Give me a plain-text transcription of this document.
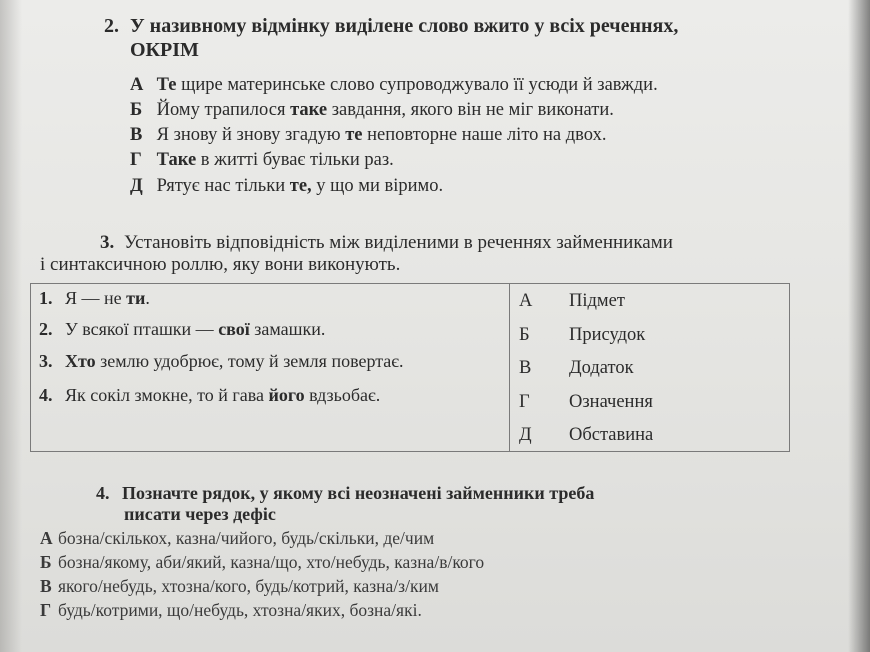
2. У називному відмінку виділене слово вжито у всіх реченнях,
ОКРІМ
А Те щире материнське слово супроводжувало її усюди й завжди.
Б Йому трапилося таке завдання, якого він не міг виконати.
В Я знову й знову згадую те неповторне наше літо на двох.
Г Таке в житті буває тільки раз.
Д Рятує нас тільки те, у що ми віримо.
3. Установіть відповідність між виділеними в реченнях займенниками
і синтаксичною роллю, яку вони виконують.
1. Я — не ти.
2. У всякої пташки — свої замашки.
3. Хто землю удобрює, тому й земля повертає.
4. Як сокіл змокне, то й гава його вдзьобає.
А Підмет
Б Присудок
В Додаток
Г Означення
Д Обставина
4. Позначте рядок, у якому всі неозначені займенники треба
писати через дефіс
А бозна/скількох, казна/чийого, будь/скільки, де/чим
Б бозна/якому, аби/який, казна/що, хто/небудь, казна/в/кого
В якого/небудь, хтозна/кого, будь/котрий, казна/з/ким
Г будь/котрими, що/небудь, хтозна/яких, бозна/які.
